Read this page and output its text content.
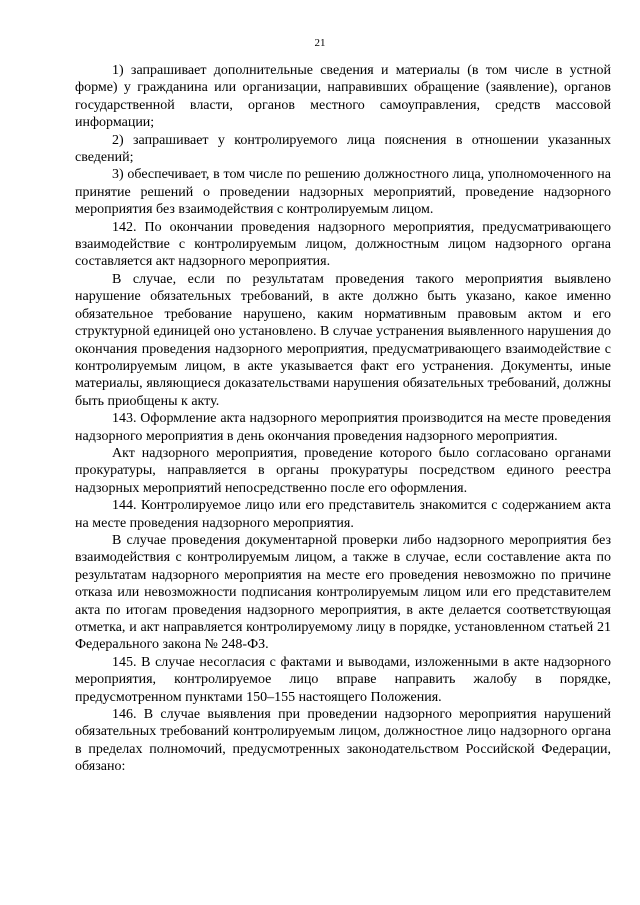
21

1) запрашивает дополнительные сведения и материалы (в том числе в устной форме) у гражданина или организации, направивших обращение (заявление), органов государственной власти, органов местного самоуправления, средств массовой информации;

2) запрашивает у контролируемого лица пояснения в отношении указанных сведений;

3) обеспечивает, в том числе по решению должностного лица, уполномоченного на принятие решений о проведении надзорных мероприятий, проведение надзорного мероприятия без взаимодействия с контролируемым лицом.

142. По окончании проведения надзорного мероприятия, предусматривающего взаимодействие с контролируемым лицом, должностным лицом надзорного органа составляется акт надзорного мероприятия.

В случае, если по результатам проведения такого мероприятия выявлено нарушение обязательных требований, в акте должно быть указано, какое именно обязательное требование нарушено, каким нормативным правовым актом и его структурной единицей оно установлено. В случае устранения выявленного нарушения до окончания проведения надзорного мероприятия, предусматривающего взаимодействие с контролируемым лицом, в акте указывается факт его устранения. Документы, иные материалы, являющиеся доказательствами нарушения обязательных требований, должны быть приобщены к акту.

143. Оформление акта надзорного мероприятия производится на месте проведения надзорного мероприятия в день окончания проведения надзорного мероприятия.

Акт надзорного мероприятия, проведение которого было согласовано органами прокуратуры, направляется в органы прокуратуры посредством единого реестра надзорных мероприятий непосредственно после его оформления.

144. Контролируемое лицо или его представитель знакомится с содержанием акта на месте проведения надзорного мероприятия.

В случае проведения документарной проверки либо надзорного мероприятия без взаимодействия с контролируемым лицом, а также в случае, если составление акта по результатам надзорного мероприятия на месте его проведения невозможно по причине отказа или невозможности подписания контролируемым лицом или его представителем акта по итогам проведения надзорного мероприятия, в акте делается соответствующая отметка, и акт направляется контролируемому лицу в порядке, установленном статьей 21 Федерального закона № 248-ФЗ.

145. В случае несогласия с фактами и выводами, изложенными в акте надзорного мероприятия, контролируемое лицо вправе направить жалобу в порядке, предусмотренном пунктами 150–155 настоящего Положения.

146. В случае выявления при проведении надзорного мероприятия нарушений обязательных требований контролируемым лицом, должностное лицо надзорного органа в пределах полномочий, предусмотренных законодательством Российской Федерации, обязано:
